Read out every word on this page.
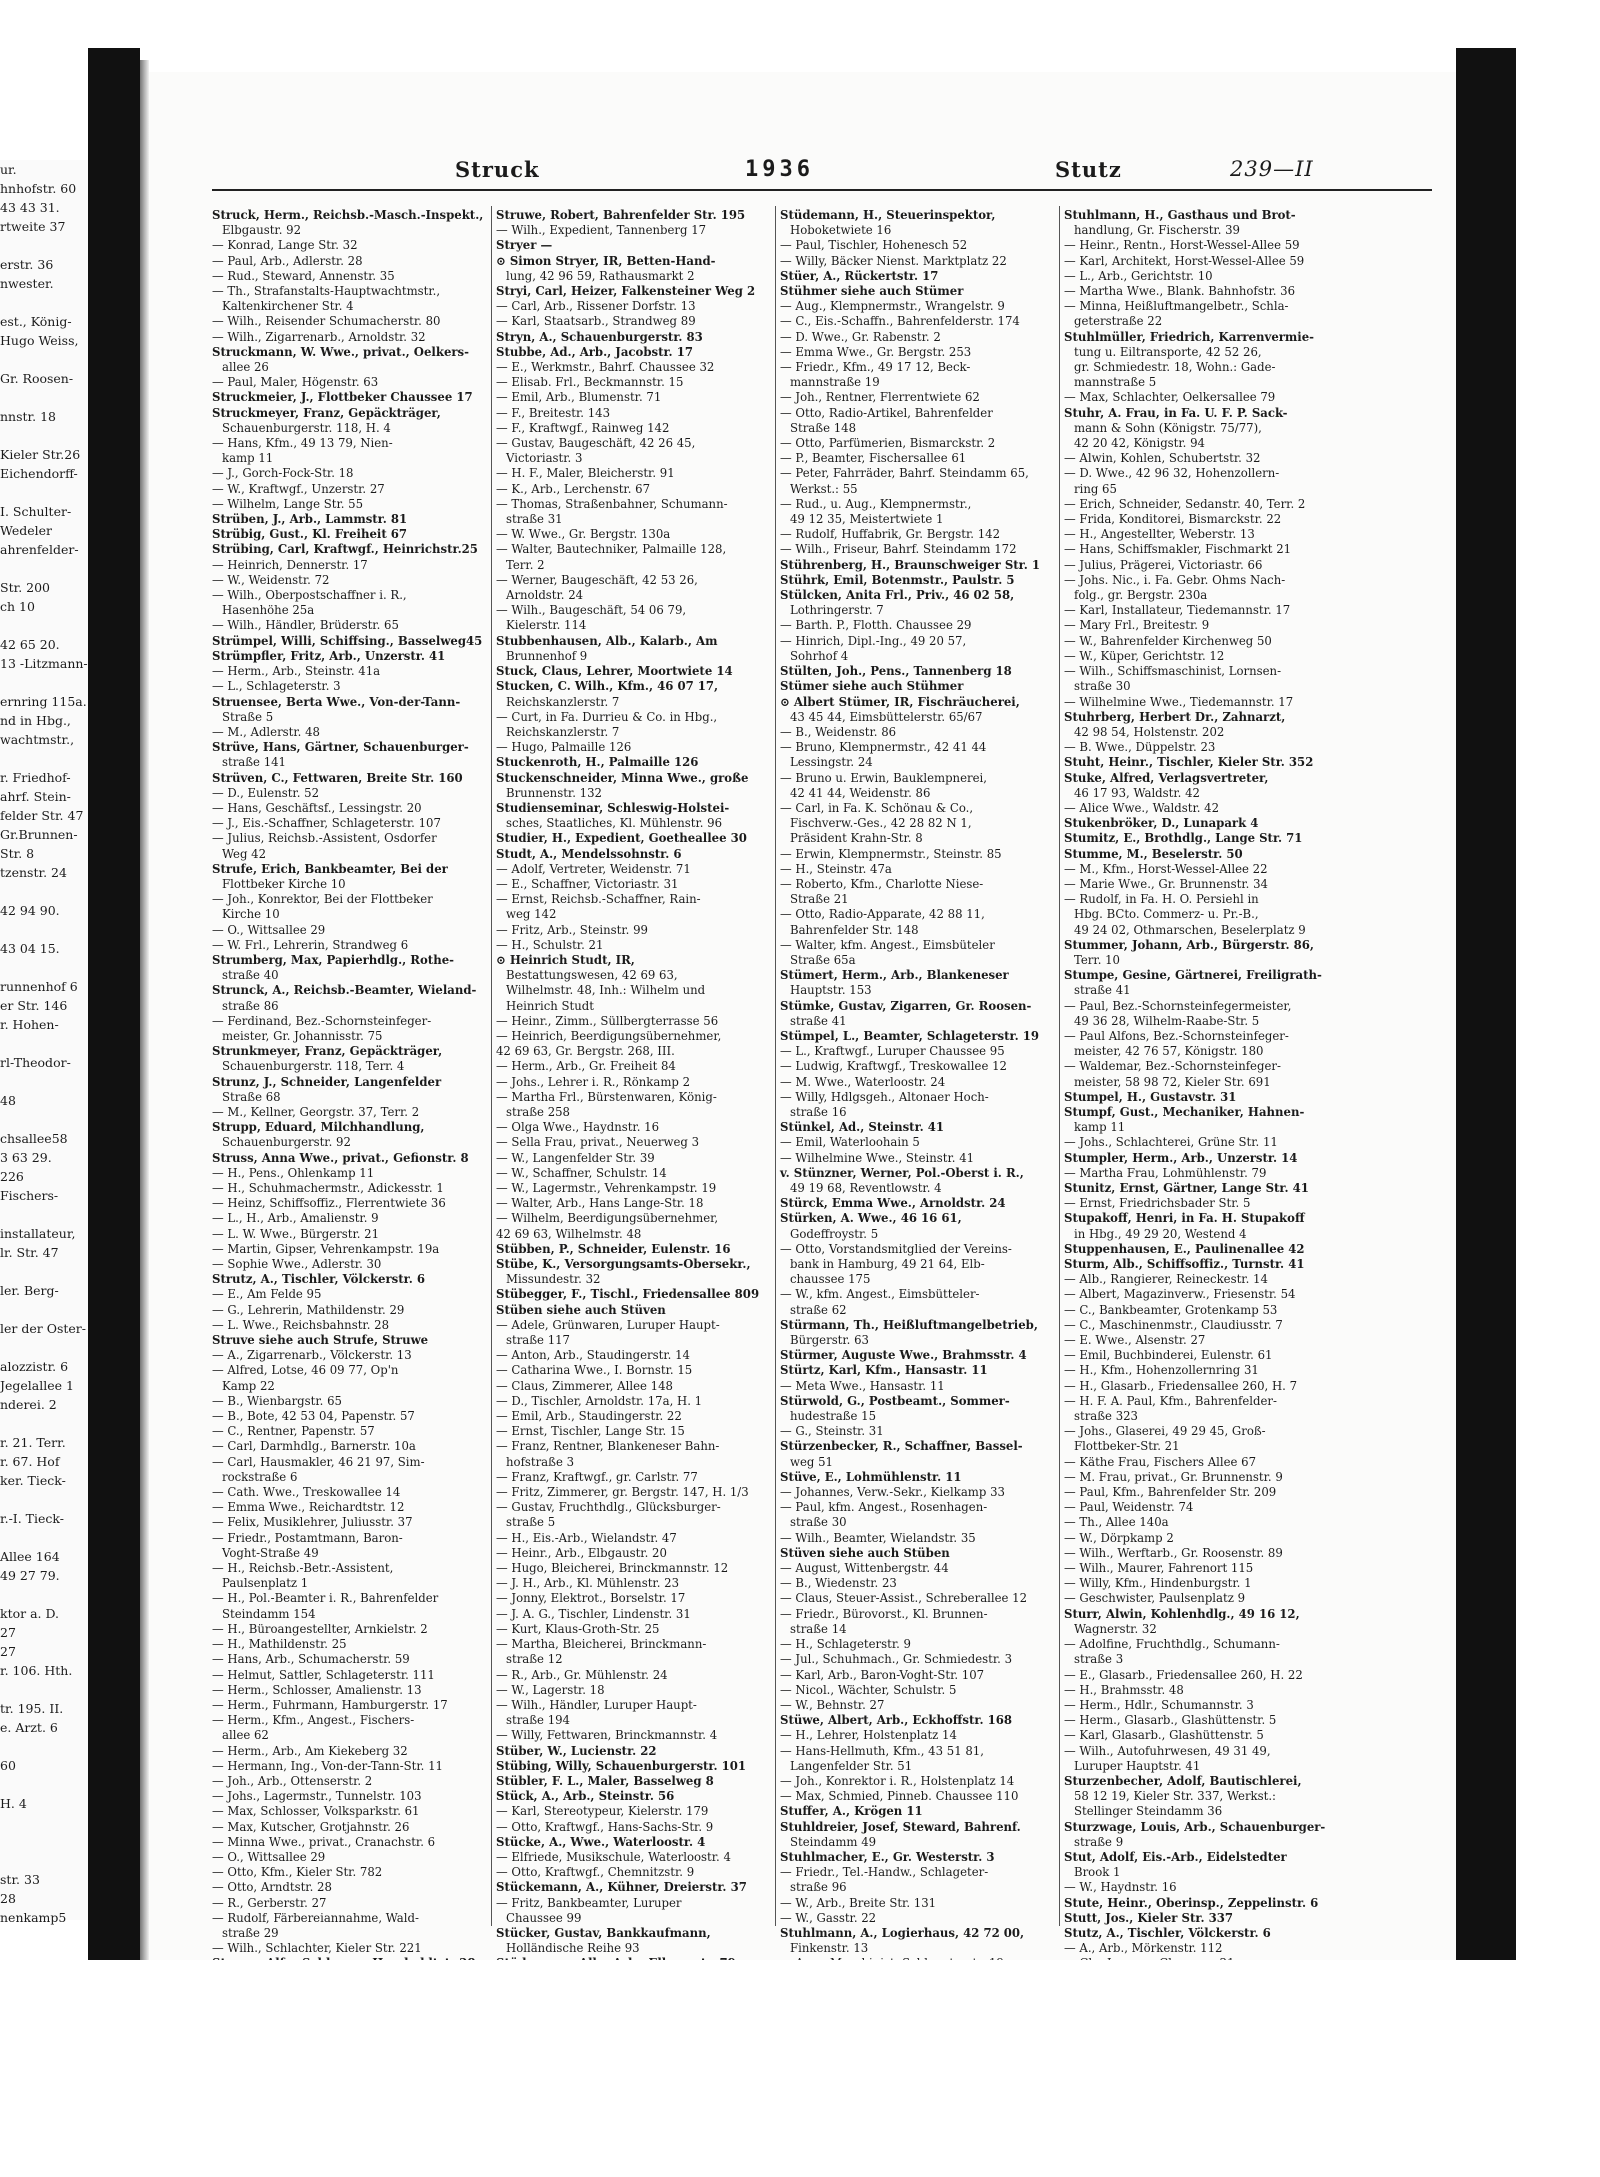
ur.
hnhofstr. 60
43 43 31.
rtweite 37

erstr. 36
nwester.

est., König-
Hugo Weiss,

Gr. Roosen-

nnstr. 18

Kieler Str.26
Eichendorff-

I. Schulter-
Wedeler
ahrenfelder-

Str. 200
ch 10

42 65 20.
13 -Litzmann-

ernring 115a.
nd in Hbg.,
wachtmstr.,

r. Friedhof-
ahrf. Stein-
felder Str. 47
Gr.Brunnen-
Str. 8
tzenstr. 24

42 94 90.

43 04 15.

runnenhof 6
er Str. 146
r. Hohen-

rl-Theodor-

48

chsallee58
3 63 29.
226
Fischers-

installateur,
lr. Str. 47

ler. Berg-

ler der Oster-

alozzistr. 6
Jegelallee 1
nderei. 2

r. 21. Terr.
r. 67. Hof
ker. Tieck-

r.-I. Tieck-

Allee 164
49 27 79.

ktor a. D.
27
27
r. 106. Hth.

tr. 195. II.
e. Arzt. 6

60

H. 4

str. 33
28
nenkamp5

Struck	1936	Stutz	239—II
Struck, Herm., Reichsb.-Masch.-Inspekt.,
Elbgaustr. 92
— Konrad, Lange Str. 32
— Paul, Arb., Adlerstr. 28
— Rud., Steward, Annenstr. 35
— Th., Strafanstalts-Hauptwachtmstr.,
Kaltenkirchener Str. 4
— Wilh., Reisender Schumacherstr. 80
— Wilh., Zigarrenarb., Arnoldstr. 32
Struckmann, W. Wwe., privat., Oelkers-
allee 26
— Paul, Maler, Högenstr. 63
Struckmeier, J., Flottbeker Chaussee 17
Struckmeyer, Franz, Gepäckträger,
Schauenburgerstr. 118, H. 4
— Hans, Kfm., 49 13 79, Nien-
kamp 11
— J., Gorch-Fock-Str. 18
— W., Kraftwgf., Unzerstr. 27
— Wilhelm, Lange Str. 55
Strüben, J., Arb., Lammstr. 81
Strübig, Gust., Kl. Freiheit 67
Strübing, Carl, Kraftwgf., Heinrichstr.25
— Heinrich, Dennerstr. 17
— W., Weidenstr. 72
— Wilh., Oberpostschaffner i. R.,
Hasenhöhe 25a
— Wilh., Händler, Brüderstr. 65
Strümpel, Willi, Schiffsing., Basselweg45
Strümpfler, Fritz, Arb., Unzerstr. 41
— Herm., Arb., Steinstr. 41a
— L., Schlageterstr. 3
Struensee, Berta Wwe., Von-der-Tann-
Straße 5
— M., Adlerstr. 48
Strüve, Hans, Gärtner, Schauenburger-
straße 141
Strüven, C., Fettwaren, Breite Str. 160
— D., Eulenstr. 52
— Hans, Geschäftsf., Lessingstr. 20
— J., Eis.-Schaffner, Schlageterstr. 107
— Julius, Reichsb.-Assistent, Osdorfer
Weg 42
Strufe, Erich, Bankbeamter, Bei der
Flottbeker Kirche 10
— Joh., Konrektor, Bei der Flottbeker
Kirche 10
— O., Wittsallee 29
— W. Frl., Lehrerin, Strandweg 6
Strumberg, Max, Papierhdlg., Rothe-
straße 40
Strunck, A., Reichsb.-Beamter, Wieland-
straße 86
— Ferdinand, Bez.-Schornsteinfeger-
meister, Gr. Johannisstr. 75
Strunkmeyer, Franz, Gepäckträger,
Schauenburgerstr. 118, Terr. 4
Strunz, J., Schneider, Langenfelder
Straße 68
— M., Kellner, Georgstr. 37, Terr. 2
Strupp, Eduard, Milchhandlung,
Schauenburgerstr. 92
Struss, Anna Wwe., privat., Gefionstr. 8
— H., Pens., Ohlenkamp 11
— H., Schuhmachermstr., Adickesstr. 1
— Heinz, Schiffsoffiz., Flerrentwiete 36
— L., H., Arb., Amalienstr. 9
— L. W. Wwe., Bürgerstr. 21
— Martin, Gipser, Vehrenkampstr. 19a
— Sophie Wwe., Adlerstr. 30
Strutz, A., Tischler, Völckerstr. 6
— E., Am Felde 95
— G., Lehrerin, Mathildenstr. 29
— L. Wwe., Reichsbahnstr. 28
Struve siehe auch Strufe, Struwe
— A., Zigarrenarb., Völckerstr. 13
— Alfred, Lotse, 46 09 77, Op'n
Kamp 22
— B., Wienbargstr. 65
— B., Bote, 42 53 04, Papenstr. 57
— C., Rentner, Papenstr. 57
— Carl, Darmhdlg., Barnerstr. 10a
— Carl, Hausmakler, 46 21 97, Sim-
rockstraße 6
— Cath. Wwe., Treskowallee 14
— Emma Wwe., Reichardtstr. 12
— Felix, Musiklehrer, Juliusstr. 37
— Friedr., Postamtmann, Baron-
Voght-Straße 49
— H., Reichsb.-Betr.-Assistent,
Paulsenplatz 1
— H., Pol.-Beamter i. R., Bahrenfelder
Steindamm 154
— H., Büroangestellter, Arnkielstr. 2
— H., Mathildenstr. 25
— Hans, Arb., Schumacherstr. 59
— Helmut, Sattler, Schlageterstr. 111
— Herm., Schlosser, Amalienstr. 13
— Herm., Fuhrmann, Hamburgerstr. 17
— Herm., Kfm., Angest., Fischers-
allee 62
— Herm., Arb., Am Kiekeberg 32
— Hermann, Ing., Von-der-Tann-Str. 11
— Joh., Arb., Ottenserstr. 2
— Johs., Lagermstr., Tunnelstr. 103
— Max, Schlosser, Volksparkstr. 61
— Max, Kutscher, Grotjahnstr. 26
— Minna Wwe., privat., Cranachstr. 6
— O., Wittsallee 29
— Otto, Kfm., Kieler Str. 782
— Otto, Arndtstr. 28
— R., Gerberstr. 27
— Rudolf, Färbereiannahme, Wald-
straße 29
— Wilh., Schlachter, Kieler Str. 221
Struwe, Robert, Bahrenfelder Str. 195
— Wilh., Expedient, Tannenberg 17
Stryer —
⊙ Simon Stryer, IR, Betten-Hand-
lung, 42 96 59, Rathausmarkt 2
Stryi, Carl, Heizer, Falkensteiner Weg 2
— Carl, Arb., Rissener Dorfstr. 13
— Karl, Staatsarb., Strandweg 89
Stryn, A., Schauenburgerstr. 83
Stubbe, Ad., Arb., Jacobstr. 17
— E., Werkmstr., Bahrf. Chaussee 32
— Elisab. Frl., Beckmannstr. 15
— Emil, Arb., Blumenstr. 71
— F., Breitestr. 143
— F., Kraftwgf., Rainweg 142
— Gustav, Baugeschäft, 42 26 45,
Victoriastr. 3
— H. F., Maler, Bleicherstr. 91
— K., Arb., Lerchenstr. 67
— Thomas, Straßenbahner, Schumann-
straße 31
— W. Wwe., Gr. Bergstr. 130a
— Walter, Bautechniker, Palmaille 128,
Terr. 2
— Werner, Baugeschäft, 42 53 26,
Arnoldstr. 24
— Wilh., Baugeschäft, 54 06 79,
Kielerstr. 114
Stubbenhausen, Alb., Kalarb., Am
Brunnenhof 9
Stuck, Claus, Lehrer, Moortwiete 14
Stucken, C. Wilh., Kfm., 46 07 17,
Reichskanzlerstr. 7
— Curt, in Fa. Durrieu & Co. in Hbg.,
Reichskanzlerstr. 7
— Hugo, Palmaille 126
Stuckenroth, H., Palmaille 126
Stuckenschneider, Minna Wwe., große
Brunnenstr. 132
Studienseminar, Schleswig-Holstei-
sches, Staatliches, Kl. Mühlenstr. 96
Studier, H., Expedient, Goetheallee 30
Studt, A., Mendelssohnstr. 6
— Adolf, Vertreter, Weidenstr. 71
— E., Schaffner, Victoriastr. 31
— Ernst, Reichsb.-Schaffner, Rain-
weg 142
— Fritz, Arb., Steinstr. 99
— H., Schulstr. 21
⊙ Heinrich Studt, IR,
Bestattungswesen, 42 69 63,
Wilhelmstr. 48, Inh.: Wilhelm und
Heinrich Studt
— Heinr., Zimm., Süllbergterrasse 56
— Heinrich, Beerdigungsübernehmer,
42 69 63, Gr. Bergstr. 268, III.
— Herm., Arb., Gr. Freiheit 84
— Johs., Lehrer i. R., Rönkamp 2
— Martha Frl., Bürstenwaren, König-
straße 258
— Olga Wwe., Haydnstr. 16
— Sella Frau, privat., Neuerweg 3
— W., Langenfelder Str. 39
— W., Schaffner, Schulstr. 14
— W., Lagermstr., Vehrenkampstr. 19
— Walter, Arb., Hans Lange-Str. 18
— Wilhelm, Beerdigungsübernehmer,
42 69 63, Wilhelmstr. 48
Stübben, P., Schneider, Eulenstr. 16
Stübe, K., Versorgungsamts-Obersekr.,
Missundestr. 32
Stübegger, F., Tischl., Friedensallee 809
Stüben siehe auch Stüven
— Adele, Grünwaren, Luruper Haupt-
straße 117
— Anton, Arb., Staudingerstr. 14
— Catharina Wwe., I. Bornstr. 15
— Claus, Zimmerer, Allee 148
— D., Tischler, Arnoldstr. 17a, H. 1
— Emil, Arb., Staudingerstr. 22
— Ernst, Tischler, Lange Str. 15
— Franz, Rentner, Blankeneser Bahn-
hofstraße 3
— Franz, Kraftwgf., gr. Carlstr. 77
— Fritz, Zimmerer, gr. Bergstr. 147, H. 1/3
— Gustav, Fruchthdlg., Glücksburger-
straße 5
— H., Eis.-Arb., Wielandstr. 47
— Heinr., Arb., Elbgaustr. 20
— Hugo, Bleicherei, Brinckmannstr. 12
— J. H., Arb., Kl. Mühlenstr. 23
— Jonny, Elektrot., Borselstr. 17
— J. A. G., Tischler, Lindenstr. 31
— Kurt, Klaus-Groth-Str. 25
— Martha, Bleicherei, Brinckmann-
straße 12
— R., Arb., Gr. Mühlenstr. 24
— W., Lagerstr. 18
— Wilh., Händler, Luruper Haupt-
straße 194
— Willy, Fettwaren, Brinckmannstr. 4
Stüber, W., Lucienstr. 22
Stübing, Willy, Schauenburgerstr. 101
Stübler, F. L., Maler, Basselweg 8
Stück, A., Arb., Steinstr. 56
— Karl, Stereotypeur, Kielerstr. 179
— Otto, Kraftwgf., Hans-Sachs-Str. 9
Stücke, A., Wwe., Waterloostr. 4
— Elfriede, Musikschule, Waterloostr. 4
— Otto, Kraftwgf., Chemnitzstr. 9
Stückemann, A., Kühner, Dreierstr. 37
— Fritz, Bankbeamter, Luruper
Chaussee 99
Stücker, Gustav, Bankkaufmann,
Holländische Reihe 93
Stüdemann, H., Steuerinspektor,
Hoboketwiete 16
— Paul, Tischler, Hohenesch 52
— Willy, Bäcker Nienst. Marktplatz 22
Stüer, A., Rückertstr. 17
Stühmer siehe auch Stümer
— Aug., Klempnermstr., Wrangelstr. 9
— C., Eis.-Schaffn., Bahrenfelderstr. 174
— D. Wwe., Gr. Rabenstr. 2
— Emma Wwe., Gr. Bergstr. 253
— Friedr., Kfm., 49 17 12, Beck-
mannstraße 19
— Joh., Rentner, Flerrentwiete 62
— Otto, Radio-Artikel, Bahrenfelder
Straße 148
— Otto, Parfümerien, Bismarckstr. 2
— P., Beamter, Fischersallee 61
— Peter, Fahrräder, Bahrf. Steindamm 65,
Werkst.: 55
— Rud., u. Aug., Klempnermstr.,
49 12 35, Meistertwiete 1
— Rudolf, Huffabrik, Gr. Bergstr. 142
— Wilh., Friseur, Bahrf. Steindamm 172
Stührenberg, H., Braunschweiger Str. 1
Stührk, Emil, Botenmstr., Paulstr. 5
Stülcken, Anita Frl., Priv., 46 02 58,
Lothringerstr. 7
— Barth. P., Flotth. Chaussee 29
— Hinrich, Dipl.-Ing., 49 20 57,
Sohrhof 4
Stülten, Joh., Pens., Tannenberg 18
Stümer siehe auch Stühmer
⊙ Albert Stümer, IR, Fischräucherei,
43 45 44, Eimsbüttelerstr. 65/67
— B., Weidenstr. 86
— Bruno, Klempnermstr., 42 41 44
Lessingstr. 24
— Bruno u. Erwin, Bauklempnerei,
42 41 44, Weidenstr. 86
— Carl, in Fa. K. Schönau & Co.,
Fischverw.-Ges., 42 28 82 N 1,
Präsident Krahn-Str. 8
— Erwin, Klempnermstr., Steinstr. 85
— H., Steinstr. 47a
— Roberto, Kfm., Charlotte Niese-
Straße 21
— Otto, Radio-Apparate, 42 88 11,
Bahrenfelder Str. 148
— Walter, kfm. Angest., Eimsbüteler
Straße 65a
Stümert, Herm., Arb., Blankeneser
Hauptstr. 153
Stümke, Gustav, Zigarren, Gr. Roosen-
straße 41
Stümpel, L., Beamter, Schlageterstr. 19
— L., Kraftwgf., Luruper Chaussee 95
— Ludwig, Kraftwgf., Treskowallee 12
— M. Wwe., Waterloostr. 24
— Willy, Hdlgsgeh., Altonaer Hoch-
straße 16
Stünkel, Ad., Steinstr. 41
— Emil, Waterloohain 5
— Wilhelmine Wwe., Steinstr. 41
v. Stünzner, Werner, Pol.-Oberst i. R.,
49 19 68, Reventlowstr. 4
Stürck, Emma Wwe., Arnoldstr. 24
Stürken, A. Wwe., 46 16 61,
Godeffroystr. 5
— Otto, Vorstandsmitglied der Vereins-
bank in Hamburg, 49 21 64, Elb-
chaussee 175
— W., kfm. Angest., Eimsbütteler-
straße 62
Stürmann, Th., Heißluftmangelbetrieb,
Bürgerstr. 63
Stürmer, Auguste Wwe., Brahmsstr. 4
Stürtz, Karl, Kfm., Hansastr. 11
— Meta Wwe., Hansastr. 11
Stürwold, G., Postbeamt., Sommer-
hudestraße 15
— G., Steinstr. 31
Stürzenbecker, R., Schaffner, Bassel-
weg 51
Stüve, E., Lohmühlenstr. 11
— Johannes, Verw.-Sekr., Kielkamp 33
— Paul, kfm. Angest., Rosenhagen-
straße 30
— Wilh., Beamter, Wielandstr. 35
Stüven siehe auch Stüben
— August, Wittenbergstr. 44
— B., Wiedenstr. 23
— Claus, Steuer-Assist., Schreberallee 12
— Friedr., Bürovorst., Kl. Brunnen-
straße 14
— H., Schlageterstr. 9
— Jul., Schuhmach., Gr. Schmiedestr. 3
— Karl, Arb., Baron-Voght-Str. 107
— Nicol., Wächter, Schulstr. 5
— W., Behnstr. 27
Stüwe, Albert, Arb., Eckhoffstr. 168
— H., Lehrer, Holstenplatz 14
— Hans-Hellmuth, Kfm., 43 51 81,
Langenfelder Str. 51
— Joh., Konrektor i. R., Holstenplatz 14
— Max, Schmied, Pinneb. Chaussee 110
Stuffer, A., Krögen 11
Stuhldreier, Josef, Steward, Bahrenf.
Steindamm 49
Stuhlmacher, E., Gr. Westerstr. 3
— Friedr., Tel.-Handw., Schlageter-
straße 96
— W., Arb., Breite Str. 131
— W., Gasstr. 22
Stuhlmann, A., Logierhaus, 42 72 00,
Finkenstr. 13
Stuhlmann, H., Gasthaus und Brot-
handlung, Gr. Fischerstr. 39
— Heinr., Rentn., Horst-Wessel-Allee 59
— Karl, Architekt, Horst-Wessel-Allee 59
— L., Arb., Gerichtstr. 10
— Martha Wwe., Blank. Bahnhofstr. 36
— Minna, Heißluftmangelbetr., Schla-
geterstraße 22
Stuhlmüller, Friedrich, Karrenvermie-
tung u. Eiltransporte, 42 52 26,
gr. Schmiedestr. 18, Wohn.: Gade-
mannstraße 5
— Max, Schlachter, Oelkersallee 79
Stuhr, A. Frau, in Fa. U. F. P. Sack-
mann & Sohn (Königstr. 75/77),
42 20 42, Königstr. 94
— Alwin, Kohlen, Schubertstr. 32
— D. Wwe., 42 96 32, Hohenzollern-
ring 65
— Erich, Schneider, Sedanstr. 40, Terr. 2
— Frida, Konditorei, Bismarckstr. 22
— H., Angestellter, Weberstr. 13
— Hans, Schiffsmakler, Fischmarkt 21
— Julius, Prägerei, Victoriastr. 66
— Johs. Nic., i. Fa. Gebr. Ohms Nach-
folg., gr. Bergstr. 230a
— Karl, Installateur, Tiedemannstr. 17
— Mary Frl., Breitestr. 9
— W., Bahrenfelder Kirchenweg 50
— W., Küper, Gerichtstr. 12
— Wilh., Schiffsmaschinist, Lornsen-
straße 30
— Wilhelmine Wwe., Tiedemannstr. 17
Stuhrberg, Herbert Dr., Zahnarzt,
42 98 54, Holstenstr. 202
— B. Wwe., Düppelstr. 23
Stuht, Heinr., Tischler, Kieler Str. 352
Stuke, Alfred, Verlagsvertreter,
46 17 93, Waldstr. 42
— Alice Wwe., Waldstr. 42
Stukenbröker, D., Lunapark 4
Stumitz, E., Brothdlg., Lange Str. 71
Stumme, M., Beselerstr. 50
— M., Kfm., Horst-Wessel-Allee 22
— Marie Wwe., Gr. Brunnenstr. 34
— Rudolf, in Fa. H. O. Persiehl in
Hbg. BCto. Commerz- u. Pr.-B.,
49 24 02, Othmarschen, Beselerplatz 9
Stummer, Johann, Arb., Bürgerstr. 86,
Terr. 10
Stumpe, Gesine, Gärtnerei, Freiligrath-
straße 41
— Paul, Bez.-Schornsteinfegermeister,
49 36 28, Wilhelm-Raabe-Str. 5
— Paul Alfons, Bez.-Schornsteinfeger-
meister, 42 76 57, Königstr. 180
— Waldemar, Bez.-Schornsteinfeger-
meister, 58 98 72, Kieler Str. 691
Stumpel, H., Gustavstr. 31
Stumpf, Gust., Mechaniker, Hahnen-
kamp 11
— Johs., Schlachterei, Grüne Str. 11
Stumpler, Herm., Arb., Unzerstr. 14
— Martha Frau, Lohmühlenstr. 79
Stunitz, Ernst, Gärtner, Lange Str. 41
— Ernst, Friedrichsbader Str. 5
Stupakoff, Henri, in Fa. H. Stupakoff
in Hbg., 49 29 20, Westend 4
Stuppenhausen, E., Paulinenallee 42
Sturm, Alb., Schiffsoffiz., Turnstr. 41
— Alb., Rangierer, Reineckestr. 14
— Albert, Magazinverw., Friesenstr. 54
— C., Bankbeamter, Grotenkamp 53
— C., Maschinenmstr., Claudiusstr. 7
— E. Wwe., Alsenstr. 27
— Emil, Buchbinderei, Eulenstr. 61
— H., Kfm., Hohenzollernring 31
— H., Glasarb., Friedensallee 260, H. 7
— H. F. A. Paul, Kfm., Bahrenfelder-
straße 323
— Johs., Glaserei, 49 29 45, Groß-
Flottbeker-Str. 21
— Käthe Frau, Fischers Allee 67
— M. Frau, privat., Gr. Brunnenstr. 9
— Paul, Kfm., Bahrenfelder Str. 209
— Paul, Weidenstr. 74
— Th., Allee 140a
— W., Dörpkamp 2
— Wilh., Werftarb., Gr. Roosenstr. 89
— Wilh., Maurer, Fahrenort 115
— Willy, Kfm., Hindenburgstr. 1
— Geschwister, Paulsenplatz 9
Sturr, Alwin, Kohlenhdlg., 49 16 12,
Wagnerstr. 32
— Adolfine, Fruchthdlg., Schumann-
straße 3
— E., Glasarb., Friedensallee 260, H. 22
— H., Brahmsstr. 48
— Herm., Hdlr., Schumannstr. 3
— Herm., Glasarb., Glashüttenstr. 5
— Karl, Glasarb., Glashüttenstr. 5
— Wilh., Autofuhrwesen, 49 31 49,
Luruper Hauptstr. 41
Sturzenbecher, Adolf, Bautischlerei,
58 12 19, Kieler Str. 337, Werkst.:
Stellinger Steindamm 36
Sturzwage, Louis, Arb., Schauenburger-
straße 9
Stut, Adolf, Eis.-Arb., Eidelstedter
Brook 1
— W., Haydnstr. 16
Stute, Heinr., Oberinsp., Zeppelinstr. 6
Stutt, Jos., Kieler Str. 337
Stutz, A., Tischler, Völckerstr. 6
— A., Arb., Mörkenstr. 112
